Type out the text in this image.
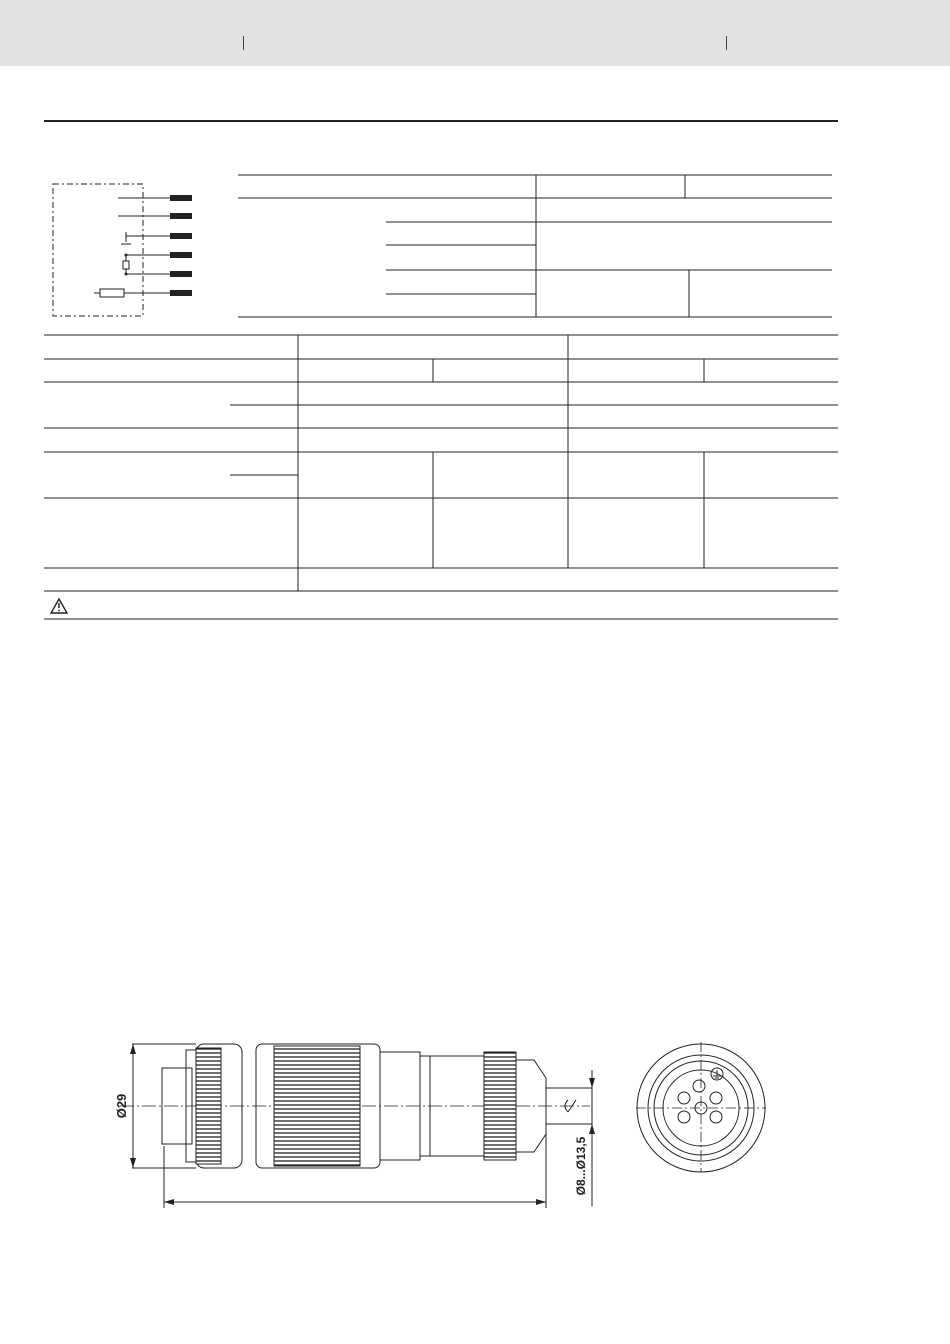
Ø29
Ø8...Ø13,5
